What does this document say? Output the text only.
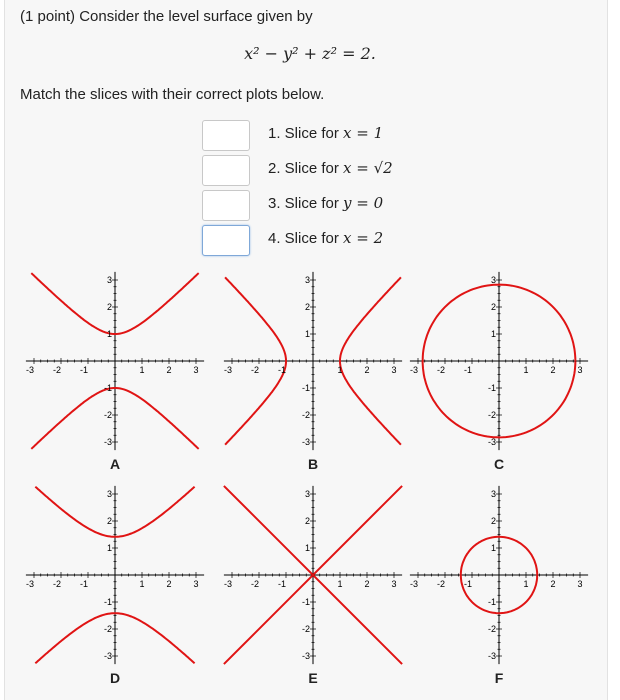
(1 point) Consider the level surface given by
x² − y² + z² = 2.
Match the slices with their correct plots below.
1. Slice for x = 1
2. Slice for x = √2
3. Slice for y = 0
4. Slice for x = 2
-3 -2 -1	1 2 3
3
2
1
-1
-2
-3
A
-3 -2 -1	1 2 3
3
2
1
-1
-2
-3
B
-3 -2 -1	1 2 3
3
2
1
-1
-2
-3
C
-3 -2 -1	1 2 3
3
2
1
-1
-2
-3
D
-3 -2 -1	1 2 3
3
2
1
-1
-2
-3
E
-3 -2 -1	1 2 3
3
2
1
-1
-2
-3
F
